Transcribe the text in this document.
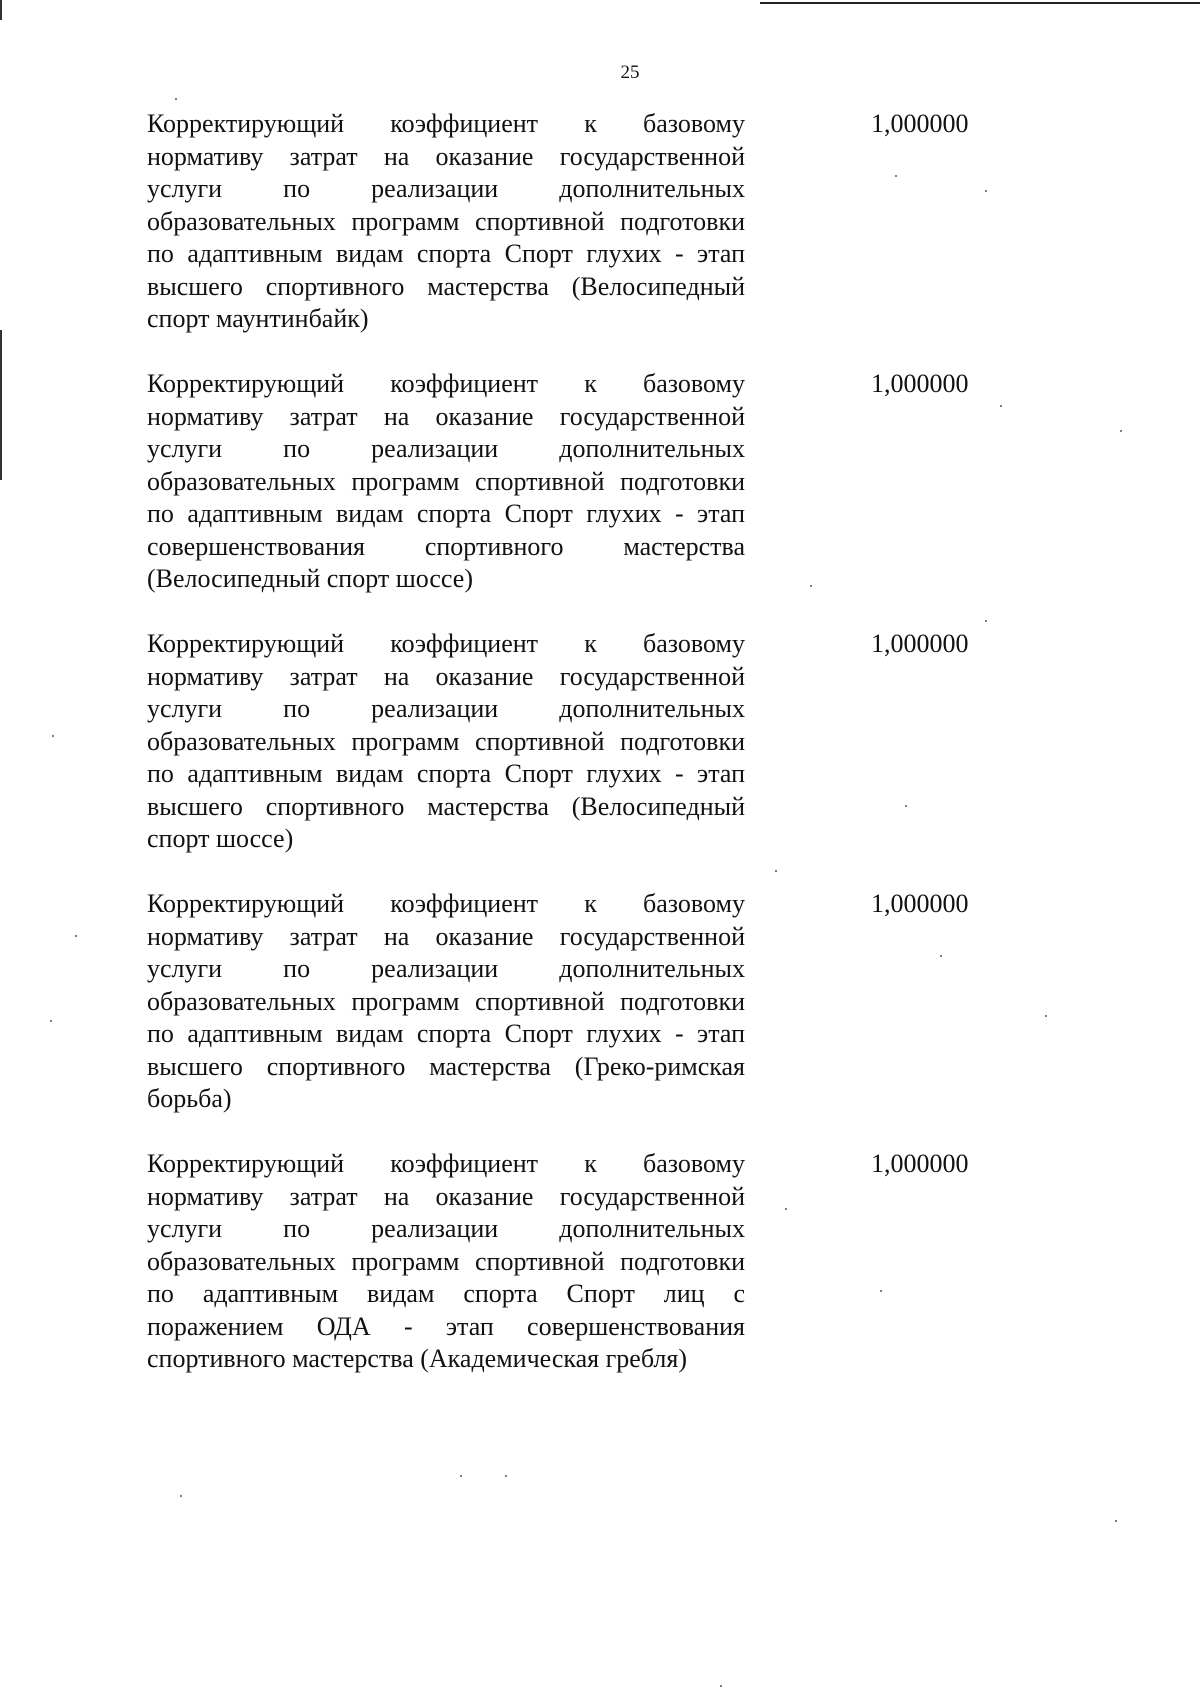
25

Корректирующий коэффициент к базовому нормативу затрат на оказание государственной услуги по реализации дополнительных образовательных программ спортивной подготовки по адаптивным видам спорта Спорт глухих - этап высшего спортивного мастерства (Велосипедный спорт маунтинбайк)

1,000000

Корректирующий коэффициент к базовому нормативу затрат на оказание государственной услуги по реализации дополнительных образовательных программ спортивной подготовки по адаптивным видам спорта Спорт глухих - этап совершенствования спортивного мастерства (Велосипедный спорт шоссе)

1,000000

Корректирующий коэффициент к базовому нормативу затрат на оказание государственной услуги по реализации дополнительных образовательных программ спортивной подготовки по адаптивным видам спорта Спорт глухих - этап высшего спортивного мастерства (Велосипедный спорт шоссе)

1,000000

Корректирующий коэффициент к базовому нормативу затрат на оказание государственной услуги по реализации дополнительных образовательных программ спортивной подготовки по адаптивным видам спорта Спорт глухих - этап высшего спортивного мастерства (Греко-римская борьба)

1,000000

Корректирующий коэффициент к базовому нормативу затрат на оказание государственной услуги по реализации дополнительных образовательных программ спортивной подготовки по адаптивным видам спорта Спорт лиц с поражением ОДА - этап совершенствования спортивного мастерства (Академическая гребля)

1,000000
